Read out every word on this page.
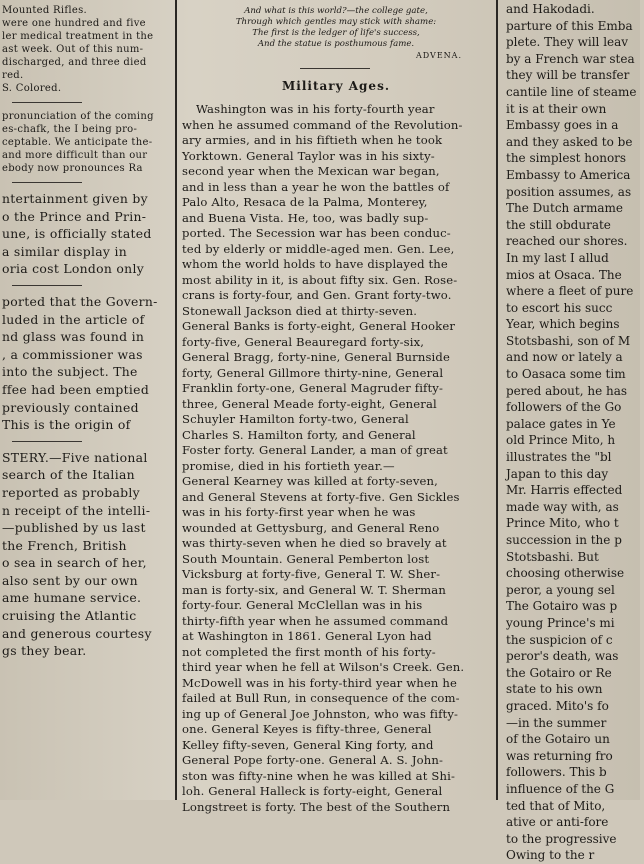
Mounted Rifles.
were one hundred and five
ler medical treatment in the
ast week. Out of this num-
discharged, and three died
red.
S. Colored.
pronunciation of the coming
es-chafk, the I being pro-
ceptable. We anticipate the-
and more difficult than our
ebody now pronounces Ra
ntertainment given by
o the Prince and Prin-
une, is officially stated
a similar display in
oria cost London only
ported that the Govern-
luded in the article of
nd glass was found in
, a commissioner was
into the subject. The
ffee had been emptied
previously contained
This is the origin of
STERY.—Five national
search of the Italian
reported as probably
n receipt of the intelli-
—published by us last
the French, British
o sea in search of her,
also sent by our own
ame humane service.
cruising the Atlantic
and generous courtesy
gs they bear.
And what is this world?—the college gate,
Through which gentles may stick with shame:
The first is the ledger of life's success,
And the statue is posthumous fame.
ADVENA.
Military Ages.
Washington was in his forty-fourth year
when he assumed command of the Revolution-
ary armies, and in his fiftieth when he took
Yorktown. General Taylor was in his sixty-
second year when the Mexican war began,
and in less than a year he won the battles of
Palo Alto, Resaca de la Palma, Monterey,
and Buena Vista. He, too, was badly sup-
ported. The Secession war has been conduc-
ted by elderly or middle-aged men. Gen. Lee,
whom the world holds to have displayed the
most ability in it, is about fifty six. Gen. Rose-
crans is forty-four, and Gen. Grant forty-two.
Stonewall Jackson died at thirty-seven.
General Banks is forty-eight, General Hooker
forty-five, General Beauregard forty-six,
General Bragg, forty-nine, General Burnside
forty, General Gillmore thirty-nine, General
Franklin forty-one, General Magruder fifty-
three, General Meade forty-eight, General
Schuyler Hamilton forty-two, General
Charles S. Hamilton forty, and General
Foster forty. General Lander, a man of great
promise, died in his fortieth year.—
General Kearney was killed at forty-seven,
and General Stevens at forty-five. Gen Sickles
was in his forty-first year when he was
wounded at Gettysburg, and General Reno
was thirty-seven when he died so bravely at
South Mountain. General Pemberton lost
Vicksburg at forty-five, General T. W. Sher-
man is forty-six, and General W. T. Sherman
forty-four. General McClellan was in his
thirty-fifth year when he assumed command
at Washington in 1861. General Lyon had
not completed the first month of his forty-
third year when he fell at Wilson's Creek. Gen.
McDowell was in his forty-third year when he
failed at Bull Run, in consequence of the com-
ing up of General Joe Johnston, who was fifty-
one. General Keyes is fifty-three, General
Kelley fifty-seven, General King forty, and
General Pope forty-one. General A. S. John-
ston was fifty-nine when he was killed at Shi-
loh. General Halleck is forty-eight, General
Longstreet is forty. The best of the Southern
and Hakodadi.
parture of this Emba
plete. They will leav
by a French war stea
they will be transfer
cantile line of steame
it is at their own
Embassy goes in a
and they asked to be
the simplest honors
Embassy to America
position assumes, as
The Dutch armame
the still obdurate
reached our shores.
In my last I allud
mios at Osaca. The
where a fleet of pure
to escort his succ
Year, which begins
Stotsbashi, son of M
and now or lately a
to Oasaca some tim
pered about, he has
followers of the Go
palace gates in Ye
old Prince Mito, h
illustrates the "bl
Japan to this day
Mr. Harris effected
made way with, as
Prince Mito, who t
succession in the p
Stotsbashi. But
choosing otherwise
peror, a young sel
The Gotairo was p
young Prince's mi
the suspicion of c
peror's death, was
the Gotairo or Re
state to his own
graced. Mito's fo
—in the summer
of the Gotairo un
was returning fro
followers. This b
influence of the G
ted that of Mito,
ative or anti-fore
to the progressive
Owing to the r
